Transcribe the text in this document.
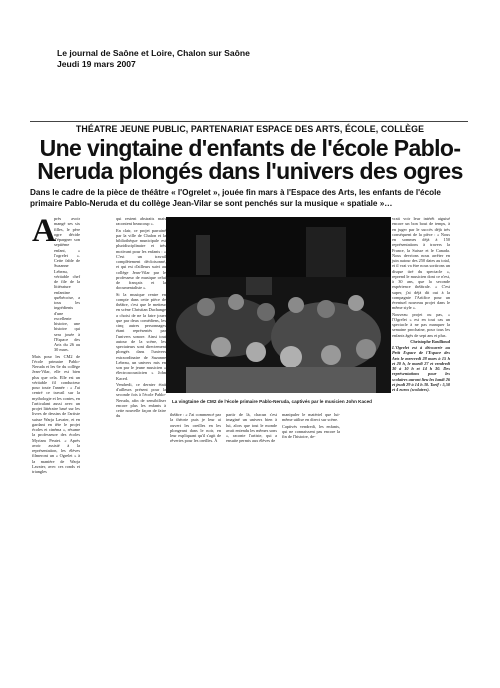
Le journal de Saône et Loire, Chalon sur Saône
Jeudi 19 mars 2007
THÉATRE JEUNE PUBLIC, PARTENARIAT ESPACE DES ARTS, ÉCOLE, COLLÈGE
Une vingtaine d'enfants de l'école Pablo-Neruda plongés dans l'univers des ogres
Dans le cadre de la pièce de théâtre « l'Ogrelet », jouée fin mars à l'Espace des Arts, les enfants de l'école primaire Pablo-Neruda et du collège Jean-Vilar se sont penchés sur la musique « spatiale »…
A

près avoir mangé ses six filles, le père ogre décide d'épargner son septième enfant, « l'ogrelet ». Cette fable de Suzanne Lebeau, véritable chef de file de la littérature enfantine québécoise, a tous les ingrédients d'une excellente histoire, une histoire qui sera jouée à l'Espace des Arts du 26 au 30 mars.

Mais pour les CM2 de l'école primaire Pablo-Neruda et les 6e du collège Jean-Vilar, elle est bien plus que cela. Elle est un véritable fil conducteur pour toute l'année : « J'ai centré ce travail sur la mythologie et les contes, en l'articulant aussi avec un projet littéraire basé sur les livres de dessins de l'artiste suisse Warja Lavater, et en gardant en tête le projet écoles et cinéma », résume la professeure des écoles Myriam Peutet. « Après avoir assisté à la représentation, les élèves filmeront un « Ogrelet » à la manière de Warja Lavater, avec ces ronds et triangles

qui restent abstraits mais racontent beaucoup ».

En clair, ce projet parrainé par la ville de Chalon et la bibliothèque municipale est pluridisciplinaire et très motivant pour les enfants : « C'est un travail complètement décloisonné, et qui est d'ailleurs suivi au collège Jean-Vilar par le professeur de musique celui de français et la documentaliste ».

Si la musique rentre en compte dans cette pièce de théâtre, c'est que le metteur en scène Christian Duchange a choisi de ne la faire jouer que par deux comédiens, les cinq autres personnages étant représentés par l'univers sonore. Ainsi tout autour de la scène, les spectateurs sont directement plongés dans l'univers extraordinaire de Suzanne Lebeau, un univers mis en son par le jeune musicien « électroacousticien » John Kaced.

Vendredi, ce dernier était d'ailleurs présent pour la seconde fois à l'école Pablo-Neruda, afin de sensibiliser encore plus les enfants à cette nouvelle façon de faire du

La vingtaine de CM2 de l'école primaire Pablo-Neruda, captivés par le musicien John Kaced

théâtre : « J'ai commencé par la théorie puis je leur ai ouvert les oreilles en les plongeant dans le noir, en leur expliquant qu'il s'agit de rêveries pour les oreilles. À

partir de là, chacun s'est imaginé un univers bien à lui, alors que tout le monde avait entendu les mêmes sons », raconte l'artiste, qui a ensuite permis aux élèves de

manipuler le matériel que lui-même utilise en direct sur scène.

Captivés vendredi, les enfants, qui ne connaissent pas encore la fin de l'histoire, de-

vrait voir leur intérêt aiguisé encore un bon bout de temps, à en juger par le succès déjà très conséquent de la pièce : « Nous en sommes déjà à 150 représentations à travers la France, la Suisse et le Canada. Nous devrions nous arrêter en juin autour des 250 dates au total, et il vrai va être nous sortirons un disque tiré du spectacle », reprend le musicien dont ce n'est, à 30 ans, que la seconde expérience théâtrale. « C'est super, j'ai déjà dit oui à la compagnie l'Artifice pour un éventuel nouveau projet dans le même style ».

Nouveau projet ou pas, « l'Ogrelet » est en tout cas un spectacle à ne pas manquer la semaine prochaine, pour tous les enfants âgés de sept ans et plus.

Christophe Roullioud

L'Ogrelet est à découvrir au Petit Espace de l'Espace des Arts le mercredi 28 mars à 15 h et 20 h, le mardi 27 et vendredi 30 à 10 h et 14 h 30. Des représentations pour les scolaires auront lieu les lundi 26 et jeudi 29 à 14 h 30. Tarif : 5,50 et 4 euros (scolaires).
